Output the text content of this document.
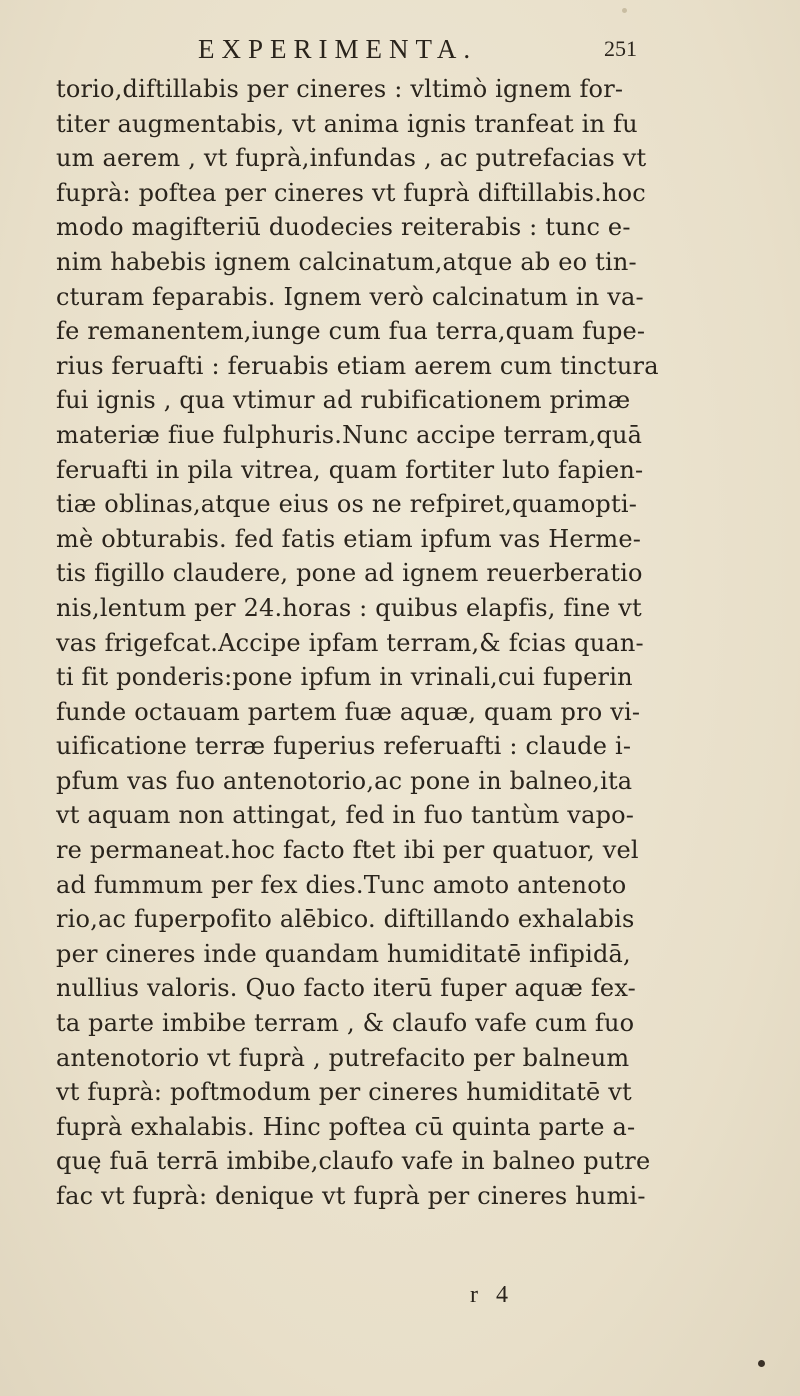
EXPERIMENTA.	251
torio,diftillabis per cineres : vltimò ignem for-
titer augmentabis, vt anima ignis tranfeat in fu
um aerem , vt fuprà,infundas , ac putrefacias vt
fuprà: poftea per cineres vt fuprà diftillabis.hoc
modo magifteriū duodecies reiterabis : tunc e-
nim habebis ignem calcinatum,atque ab eo tin-
cturam feparabis. Ignem verò calcinatum in va-
fe remanentem,iunge cum fua terra,quam fupe-
rius feruafti : feruabis etiam aerem cum tinctura
fui ignis , qua vtimur ad rubificationem primæ
materiæ fiue fulphuris.Nunc accipe terram,quā
feruafti in pila vitrea, quam fortiter luto fapien-
tiæ oblinas,atque eius os ne refpiret,quamopti-
mè obturabis. fed fatis etiam ipfum vas Herme-
tis figillo claudere, pone ad ignem reuerberatio
nis,lentum per 24.horas : quibus elapfis, fine vt
vas frigefcat.Accipe ipfam terram,& fcias quan-
ti fit ponderis:pone ipfum in vrinali,cui fuperin
funde octauam partem fuæ aquæ, quam pro vi-
uificatione terræ fuperius referuafti : claude i-
pfum vas fuo antenotorio,ac pone in balneo,ita
vt aquam non attingat, fed in fuo tantùm vapo-
re permaneat.hoc facto ftet ibi per quatuor, vel
ad fummum per fex dies.Tunc amoto antenoto
rio,ac fuperpofito alēbico. diftillando exhalabis
per cineres inde quandam humiditatē infipidā,
nullius valoris. Quo facto iterū fuper aquæ fex-
ta parte imbibe terram , & claufo vafe cum fuo
antenotorio vt fuprà , putrefacito per balneum
vt fuprà: poftmodum per cineres humiditatē vt
fuprà exhalabis. Hinc poftea cū quinta parte a-
quę fuā terrā imbibe,claufo vafe in balneo putre
fac vt fuprà: denique vt fuprà per cineres humi-
r 4
